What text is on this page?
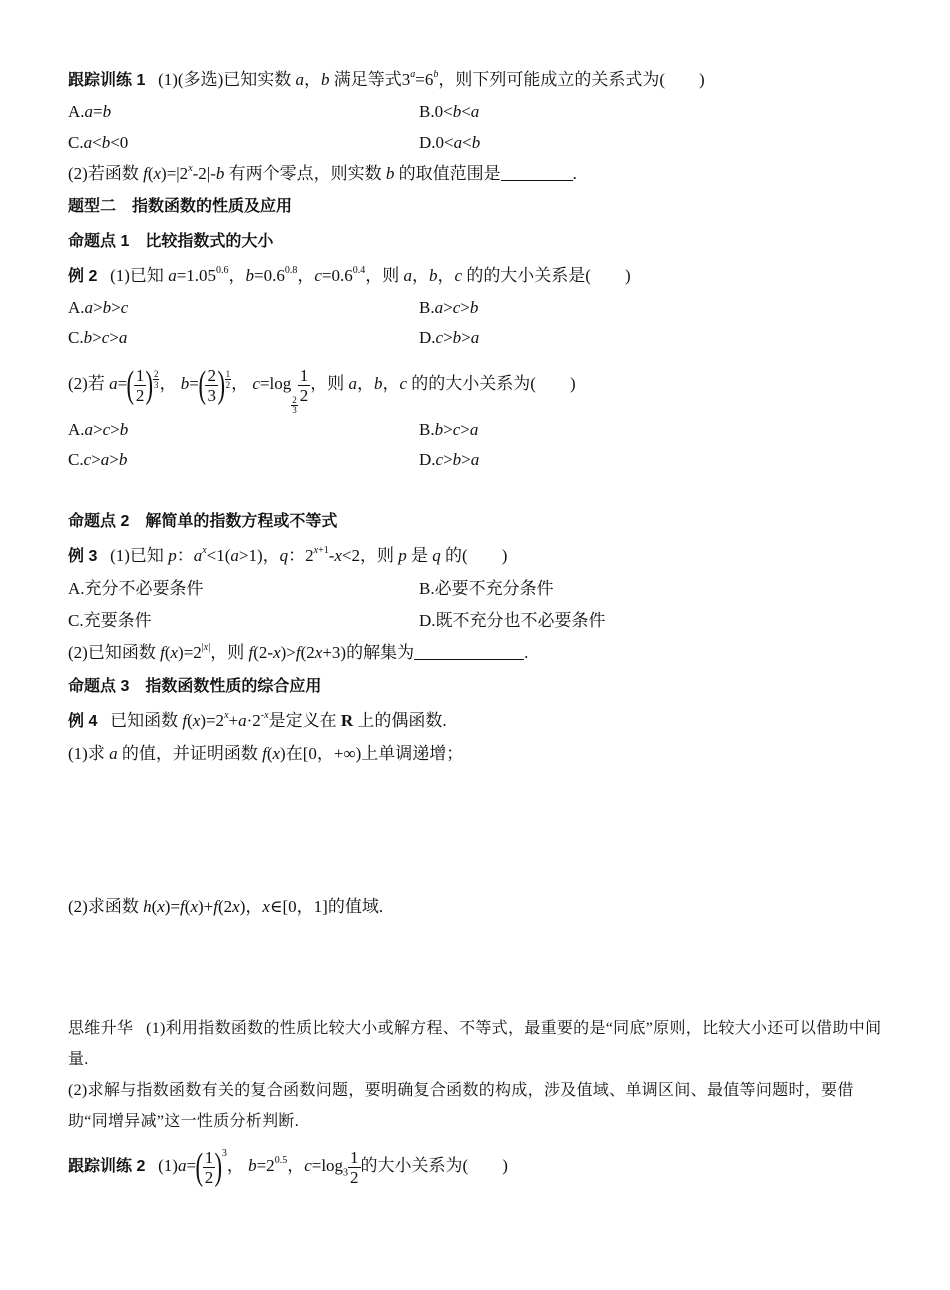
跟踪训练 1 (1)(多选)已知实数 a，b 满足等式$3^a=6^b$，则下列可能成立的关系式为(　　)
A.a=b	B.0<b<a
C.a<b<0	D.0<a<b
(2)若函数 $f(x)=|2^x-2|-b$ 有两个零点，则实数 b 的取值范围是	.
题型二　指数函数的性质及应用
命题点 1　比较指数式的大小
例 2 (1)已知 $a=1.05^{0.6}$，$b=0.6^{0.8}$，$c=0.6^{0.4}$，则 a，b，c 的的大小关系是(　　)
A.a>b>c	B.a>c>b
C.b>c>a	D.c>b>a
(2)若 $a=( \frac{1}{2}$ ) $\frac{2}{3}$ ， $b=( \frac{2}{3}$ ) $\frac{1}{2}$ ， c=log
$\frac{2}{3}$
$\frac{1}{2}$ ，则 a，b，c 的的大小关系为(　　)
A.a>c>b	B.b>c>a
C.c>a>b	D.c>b>a
命题点 2　解简单的指数方程或不等式
例 3 (1)已知 p：$a^x<1(a>1)$，q：$2^{x+1}-x<2$，则 p 是 q 的(　　)
A.充分不必要条件	B.必要不充分条件
C.充要条件	D.既不充分也不必要条件
(2)已知函数 $f(x)=2^{|x|}$，则 f(2-x)>f(2x+3)的解集为	.
命题点 3　指数函数性质的综合应用
例 4 已知函数 $f(x)=2^x+a\cdot 2^{-x}$是定义在 R 上的偶函数.
(1)求 a 的值，并证明函数 f(x)在[0，+∞)上单调递增；
(2)求函数 h(x)=f(x)+f(2x)，x∈[0，1]的值域.
思维升华 (1)利用指数函数的性质比较大小或解方程、不等式，最重要的是“同底”原则，比较大小还可以借助中间量.
(2)求解与指数函数有关的复合函数问题，要明确复合函数的构成，涉及值域、单调区间、最值等问题时，要借助“同增异减”这一性质分析判断.
跟踪训练 2 $(1)a=( \frac{1}{2} )^3$， $b=2^{0.5}$，$c=\log_3 \frac{1}{2}$ 的大小关系为(　　)
